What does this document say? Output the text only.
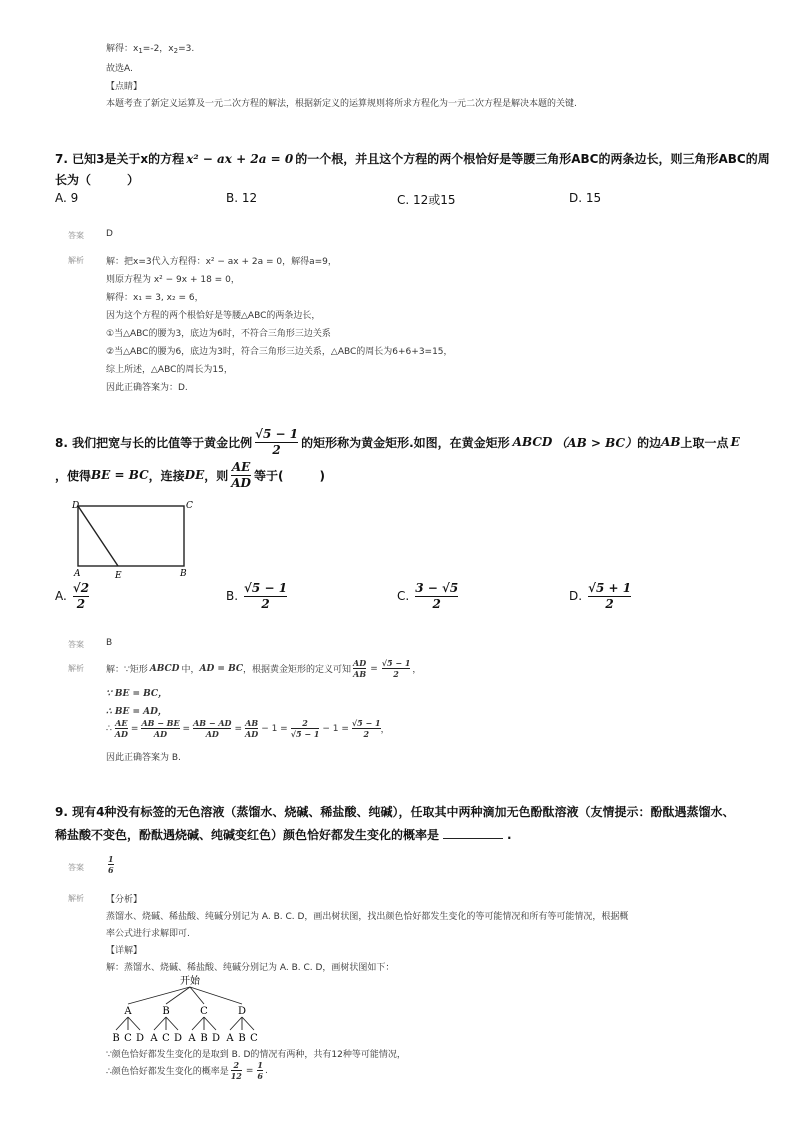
解得：$x_1=-2$，$x_2=3$.
故选A.
【点睛】
本题考查了新定义运算及一元二次方程的解法，根据新定义的运算规则将所求方程化为一元二次方程是解决本题的关键.
7. 已知3是关于x的方程 x² − ax + 2a = 0 的一个根，并且这个方程的两个根恰好是等腰三角形ABC的两条边长，则三角形ABC的周
长为（　　　）
A. 9	B. 12	C. 12或15	D. 15
答案 D
解析 解：把x=3代入方程得：x² − ax + 2a = 0，解得a=9，
则原方程为 x² − 9x + 18 = 0，
解得：x₁ = 3, x₂ = 6，
因为这个方程的两个根恰好是等腰△ABC的两条边长，
①当△ABC的腰为3，底边为6时，不符合三角形三边关系
②当△ABC的腰为6，底边为3时，符合三角形三边关系，△ABC的周长为6+6+3=15，
综上所述，△ABC的周长为15，
因此正确答案为：D.
8. 我们把宽与长的比值等于黄金比例 $\frac{√5 - 1}{2}$ 的矩形称为黄金矩形.如图，在黄金矩形 ABCD （AB > BC） 的边 AB 上取一点 E
，使得 BE = BC ，连接 DE ，则 $\frac{AE}{AD}$ 等于(　　　)
D	C
A	E	B
A. $\frac{√2}{2}$	B. $\frac{√5 - 1}{2}$	C. $\frac{3 - √5}{2}$	D. $\frac{√5 + 1}{2}$
答案 B
解析 解：∵矩形 ABCD 中， AD = BC ，根据黄金矩形的定义可知
AD
AB
=
√5 − 1
2 ，
∵ BE = BC，
∴ BE = AD，
∴
AE
AD
=
AB − BE
AD
=
AB − AD
AD
=
AB
AD
− 1 =
2
√5 − 1
− 1 =
√5 − 1
2 ，
因此正确答案为 B.
9. 现有4种没有标签的无色溶液（蒸馏水、烧碱、稀盐酸、纯碱），任取其中两种滴加无色酚酞溶液（友情提示：酚酞遇蒸馏水、
稀盐酸不变色，酚酞遇烧碱、纯碱变红色）颜色恰好都发生变化的概率是	.
答案	$\frac{1}{6}$
解析 【分析】
蒸馏水、烧碱、稀盐酸、纯碱分别记为 A. B. C. D，画出树状图，找出颜色恰好都发生变化的等可能情况和所有等可能情况，根据概
率公式进行求解即可.
【详解】
解：蒸馏水、烧碱、稀盐酸、纯碱分别记为 A. B. C. D，画树状图如下：
开始
A	B	C	D
B C D A C D A B D A B C
∵颜色恰好都发生变化的是取到 B. D的情况有两种，共有12种等可能情况，
∴颜色恰好都发生变化的概率是
2
12
=
1
6
.
